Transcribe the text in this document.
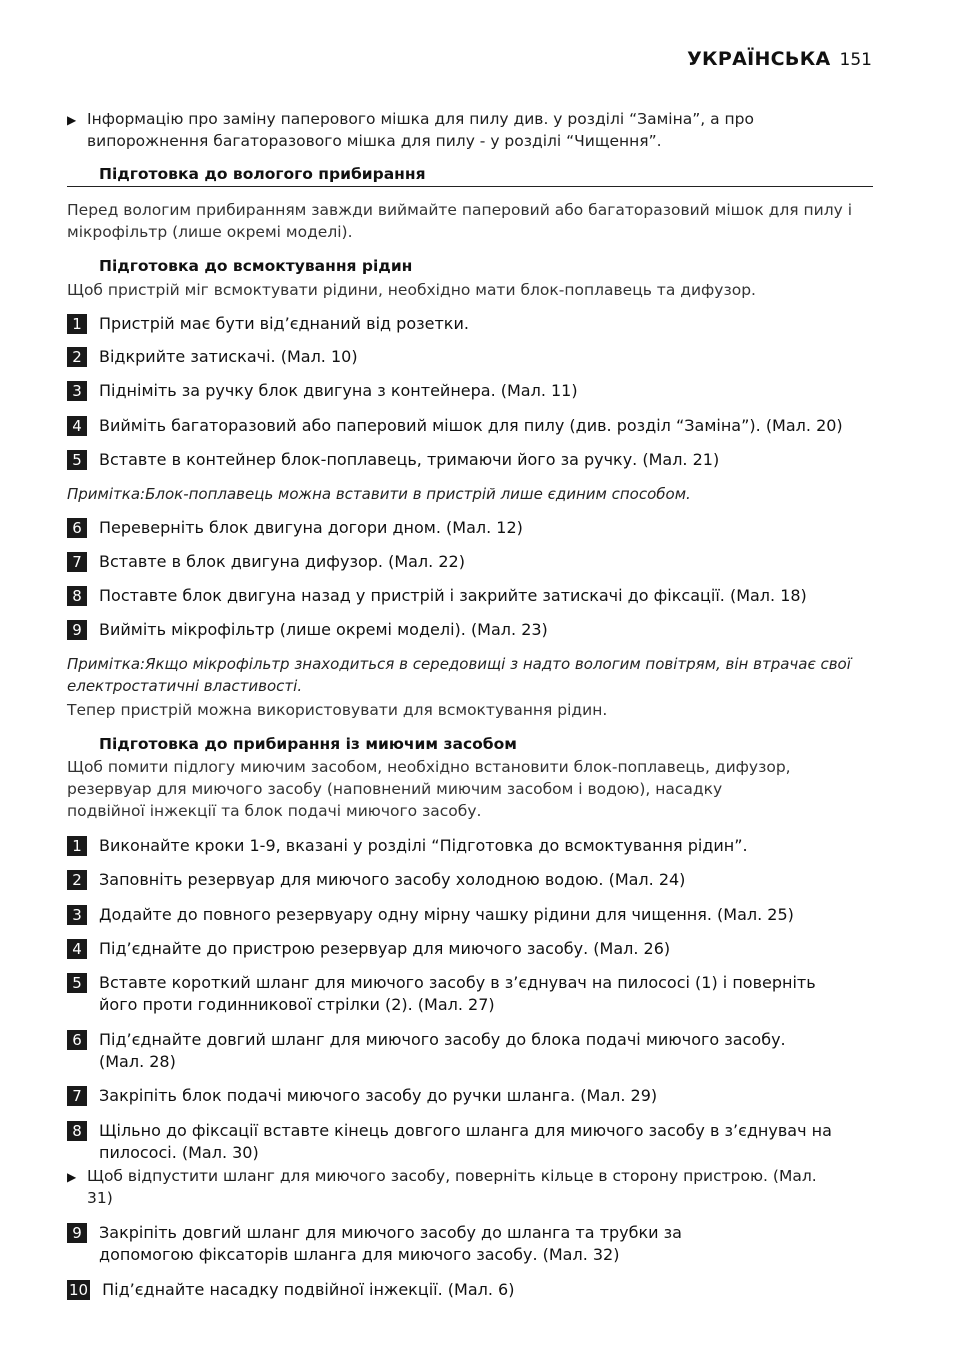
УКРАЇНСЬКА 151
▶ Інформацію про заміну паперового мішка для пилу див. у розділі “Заміна”, а про випорожнення багаторазового мішка для пилу - у розділі “Чищення”.
Підготовка до вологого прибирання
Перед вологим прибиранням завжди виймайте паперовий або багаторазовий мішок для пилу і мікрофільтр (лише окремі моделі).
Підготовка до всмоктування рідин
Щоб пристрій міг всмоктувати рідини, необхідно мати блок-поплавець та дифузор.
1	Пристрій має бути від’єднаний від розетки.
2	Відкрийте затискачі. (Мал. 10)
3	Підніміть за ручку блок двигуна з контейнера. (Мал. 11)
4	Вийміть багаторазовий або паперовий мішок для пилу (див. розділ “Заміна”). (Мал. 20)
5	Вставте в контейнер блок-поплавець, тримаючи його за ручку. (Мал. 21)
Примітка:Блок-поплавець можна вставити в пристрій лише єдиним способом.
6	Переверніть блок двигуна догори дном. (Мал. 12)
7	Вставте в блок двигуна дифузор. (Мал. 22)
8	Поставте блок двигуна назад у пристрій і закрийте затискачі до фіксації. (Мал. 18)
9	Вийміть мікрофільтр (лише окремі моделі). (Мал. 23)
Примітка:Якщо мікрофільтр знаходиться в середовищі з надто вологим повітрям, він втрачає свої електростатичні властивості.
Тепер пристрій можна використовувати для всмоктування рідин.
Підготовка до прибирання із миючим засобом
Щоб помити підлогу миючим засобом, необхідно встановити блок-поплавець, дифузор, резервуар для миючого засобу (наповнений миючим засобом і водою), насадку подвійної інжекції та блок подачі миючого засобу.
1	Виконайте кроки 1-9, вказані у розділі “Підготовка до всмоктування рідин”.
2	Заповніть резервуар для миючого засобу холодною водою. (Мал. 24)
3	Додайте до повного резервуару одну мірну чашку рідини для чищення. (Мал. 25)
4	Під’єднайте до пристрою резервуар для миючого засобу. (Мал. 26)
5	Вставте короткий шланг для миючого засобу в з’єднувач на пилососі (1) і поверніть його проти годинникової стрілки (2). (Мал. 27)
6	Під’єднайте довгий шланг для миючого засобу до блока подачі миючого засобу. (Мал. 28)
7	Закріпіть блок подачі миючого засобу до ручки шланга. (Мал. 29)
8	Щільно до фіксації вставте кінець довгого шланга для миючого засобу в з’єднувач на пилососі. (Мал. 30)
▶ Щоб відпустити шланг для миючого засобу, поверніть кільце в сторону пристрою. (Мал. 31)
9	Закріпіть довгий шланг для миючого засобу до шланга та трубки за допомогою фіксаторів шланга для миючого засобу. (Мал. 32)
10 Під’єднайте насадку подвійної інжекції. (Мал. 6)
